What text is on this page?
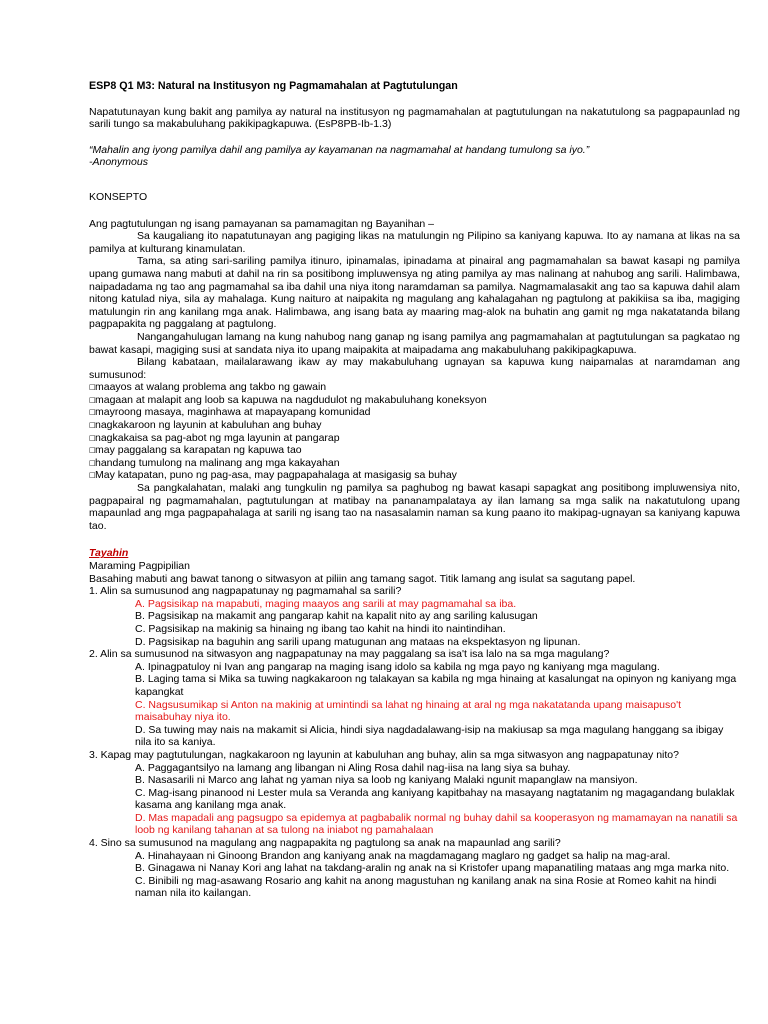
ESP8 Q1 M3: Natural na Institusyon ng Pagmamahalan at Pagtutulungan
Napatutunayan kung bakit ang pamilya ay natural na institusyon ng pagmamahalan at pagtutulungan na nakatutulong sa pagpapaunlad ng sarili tungo sa makabuluhang pakikipagkapuwa. (EsP8PB-Ib-1.3)
“Mahalin ang iyong pamilya dahil ang pamilya ay kayamanan na nagmamahal at handang tumulong sa iyo.”
-Anonymous
KONSEPTO

Ang pagtutulungan ng isang pamayanan sa pamamagitan ng Bayanihan –

Sa kaugaliang ito napatutunayan ang pagiging likas na matulungin ng Pilipino sa kaniyang kapuwa. Ito ay namana at likas na sa pamilya at kulturang kinamulatan.

Tama, sa ating sari-sariling pamilya itinuro, ipinamalas, ipinadama at pinairal ang pagmamahalan sa bawat kasapi ng pamilya upang gumawa nang mabuti at dahil na rin sa positibong impluwensya ng ating pamilya ay mas nalinang at nahubog ang sarili. Halimbawa, naipadadama ng tao ang pagmamahal sa iba dahil una niya itong naramdaman sa pamilya. Nagmamalasakit ang tao sa kapuwa dahil alam nitong katulad niya, sila ay mahalaga. Kung naituro at naipakita ng magulang ang kahalagahan ng pagtulong at pakikiisa sa iba, magiging matulungin rin ang kanilang mga anak. Halimbawa, ang isang bata ay maaring mag-alok na buhatin ang gamit ng mga nakatatanda bilang pagpapakita ng paggalang at pagtulong.

Nangangahulugan lamang na kung nahubog nang ganap ng isang pamilya ang pagmamahalan at pagtutulungan sa pagkatao ng bawat kasapi, magiging susi at sandata niya ito upang maipakita at maipadama ang makabuluhang pakikipagkapuwa.

Bilang kabataan, mailalarawang ikaw ay may makabuluhang ugnayan sa kapuwa kung naipamalas at naramdaman ang sumusunod:

□maayos at walang problema ang takbo ng gawain
□magaan at malapit ang loob sa kapuwa na nagdudulot ng makabuluhang koneksyon
□mayroong masaya, maginhawa at mapayapang komunidad
□nagkakaroon ng layunin at kabuluhan ang buhay
□nagkakaisa sa pag-abot ng mga layunin at pangarap
□may paggalang sa karapatan ng kapuwa tao
□handang tumulong na malinang ang mga kakayahan
□May katapatan, puno ng pag-asa, may pagpapahalaga at masigasig sa buhay

Sa pangkalahatan, malaki ang tungkulin ng pamilya sa paghubog ng bawat kasapi sapagkat ang positibong impluwensiya nito, pagpapairal ng pagmamahalan, pagtutulungan at matibay na pananampalataya ay ilan lamang sa mga salik na nakatutulong upang mapaunlad ang mga pagpapahalaga at sarili ng isang tao na nasasalamin naman sa kung paano ito makipag-ugnayan sa kaniyang kapuwa tao.

Tayahin
Maraming Pagpipilian
Basahing mabuti ang bawat tanong o sitwasyon at piliin ang tamang sagot. Titik lamang ang isulat sa sagutang papel.
1. Alin sa sumusunod ang nagpapatunay ng pagmamahal sa sarili?
A. Pagsisikap na mapabuti, maging maayos ang sarili at may pagmamahal sa iba.
B. Pagsisikap na makamit ang pangarap kahit na kapalit nito ay ang sariling kalusugan
C. Pagsisikap na makinig sa hinaing ng ibang tao kahit na hindi ito naintindihan.
D. Pagsisikap na baguhin ang sarili upang matugunan ang mataas na ekspektasyon ng lipunan.
2. Alin sa sumusunod na sitwasyon ang nagpapatunay na may paggalang sa isa't isa lalo na sa mga magulang?
A. Ipinagpatuloy ni Ivan ang pangarap na maging isang idolo sa kabila ng mga payo ng kaniyang mga magulang.
B. Laging tama si Mika sa tuwing nagkakaroon ng talakayan sa kabila ng mga hinaing at kasalungat na opinyon ng kaniyang mga kapangkat
C. Nagsusumikap si Anton na makinig at umintindi sa lahat ng hinaing at aral ng mga nakatatanda upang maisapuso't maisabuhay niya ito.
D. Sa tuwing may nais na makamit si Alicia, hindi siya nagdadalawang-isip na makiusap sa mga magulang hanggang sa ibigay nila ito sa kaniya.
3. Kapag may pagtutulungan, nagkakaroon ng layunin at kabuluhan ang buhay, alin sa mga sitwasyon ang nagpapatunay nito?
A. Paggagantsilyo na lamang ang libangan ni Aling Rosa dahil nag-iisa na lang siya sa buhay.
B. Nasasarili ni Marco ang lahat ng yaman niya sa loob ng kaniyang Malaki ngunit mapanglaw na mansiyon.
C. Mag-isang pinanood ni Lester mula sa Veranda ang kaniyang kapitbahay na masayang nagtatanim ng magagandang bulaklak kasama ang kanilang mga anak.
D. Mas mapadali ang pagsugpo sa epidemya at pagbabalik normal ng buhay dahil sa kooperasyon ng mamamayan na nanatili sa loob ng kanilang tahanan at sa tulong na iniabot ng pamahalaan
4. Sino sa sumusunod na magulang ang nagpapakita ng pagtulong sa anak na mapaunlad ang sarili?
A. Hinahayaan ni Ginoong Brandon ang kaniyang anak na magdamagang maglaro ng gadget sa halip na mag-aral.
B. Ginagawa ni Nanay Kori ang lahat na takdang-aralin ng anak na si Kristofer upang mapanatiling mataas ang mga marka nito.
C. Binibili ng mag-asawang Rosario ang kahit na anong magustuhan ng kanilang anak na sina Rosie at Romeo kahit na hindi naman nila ito kailangan.
